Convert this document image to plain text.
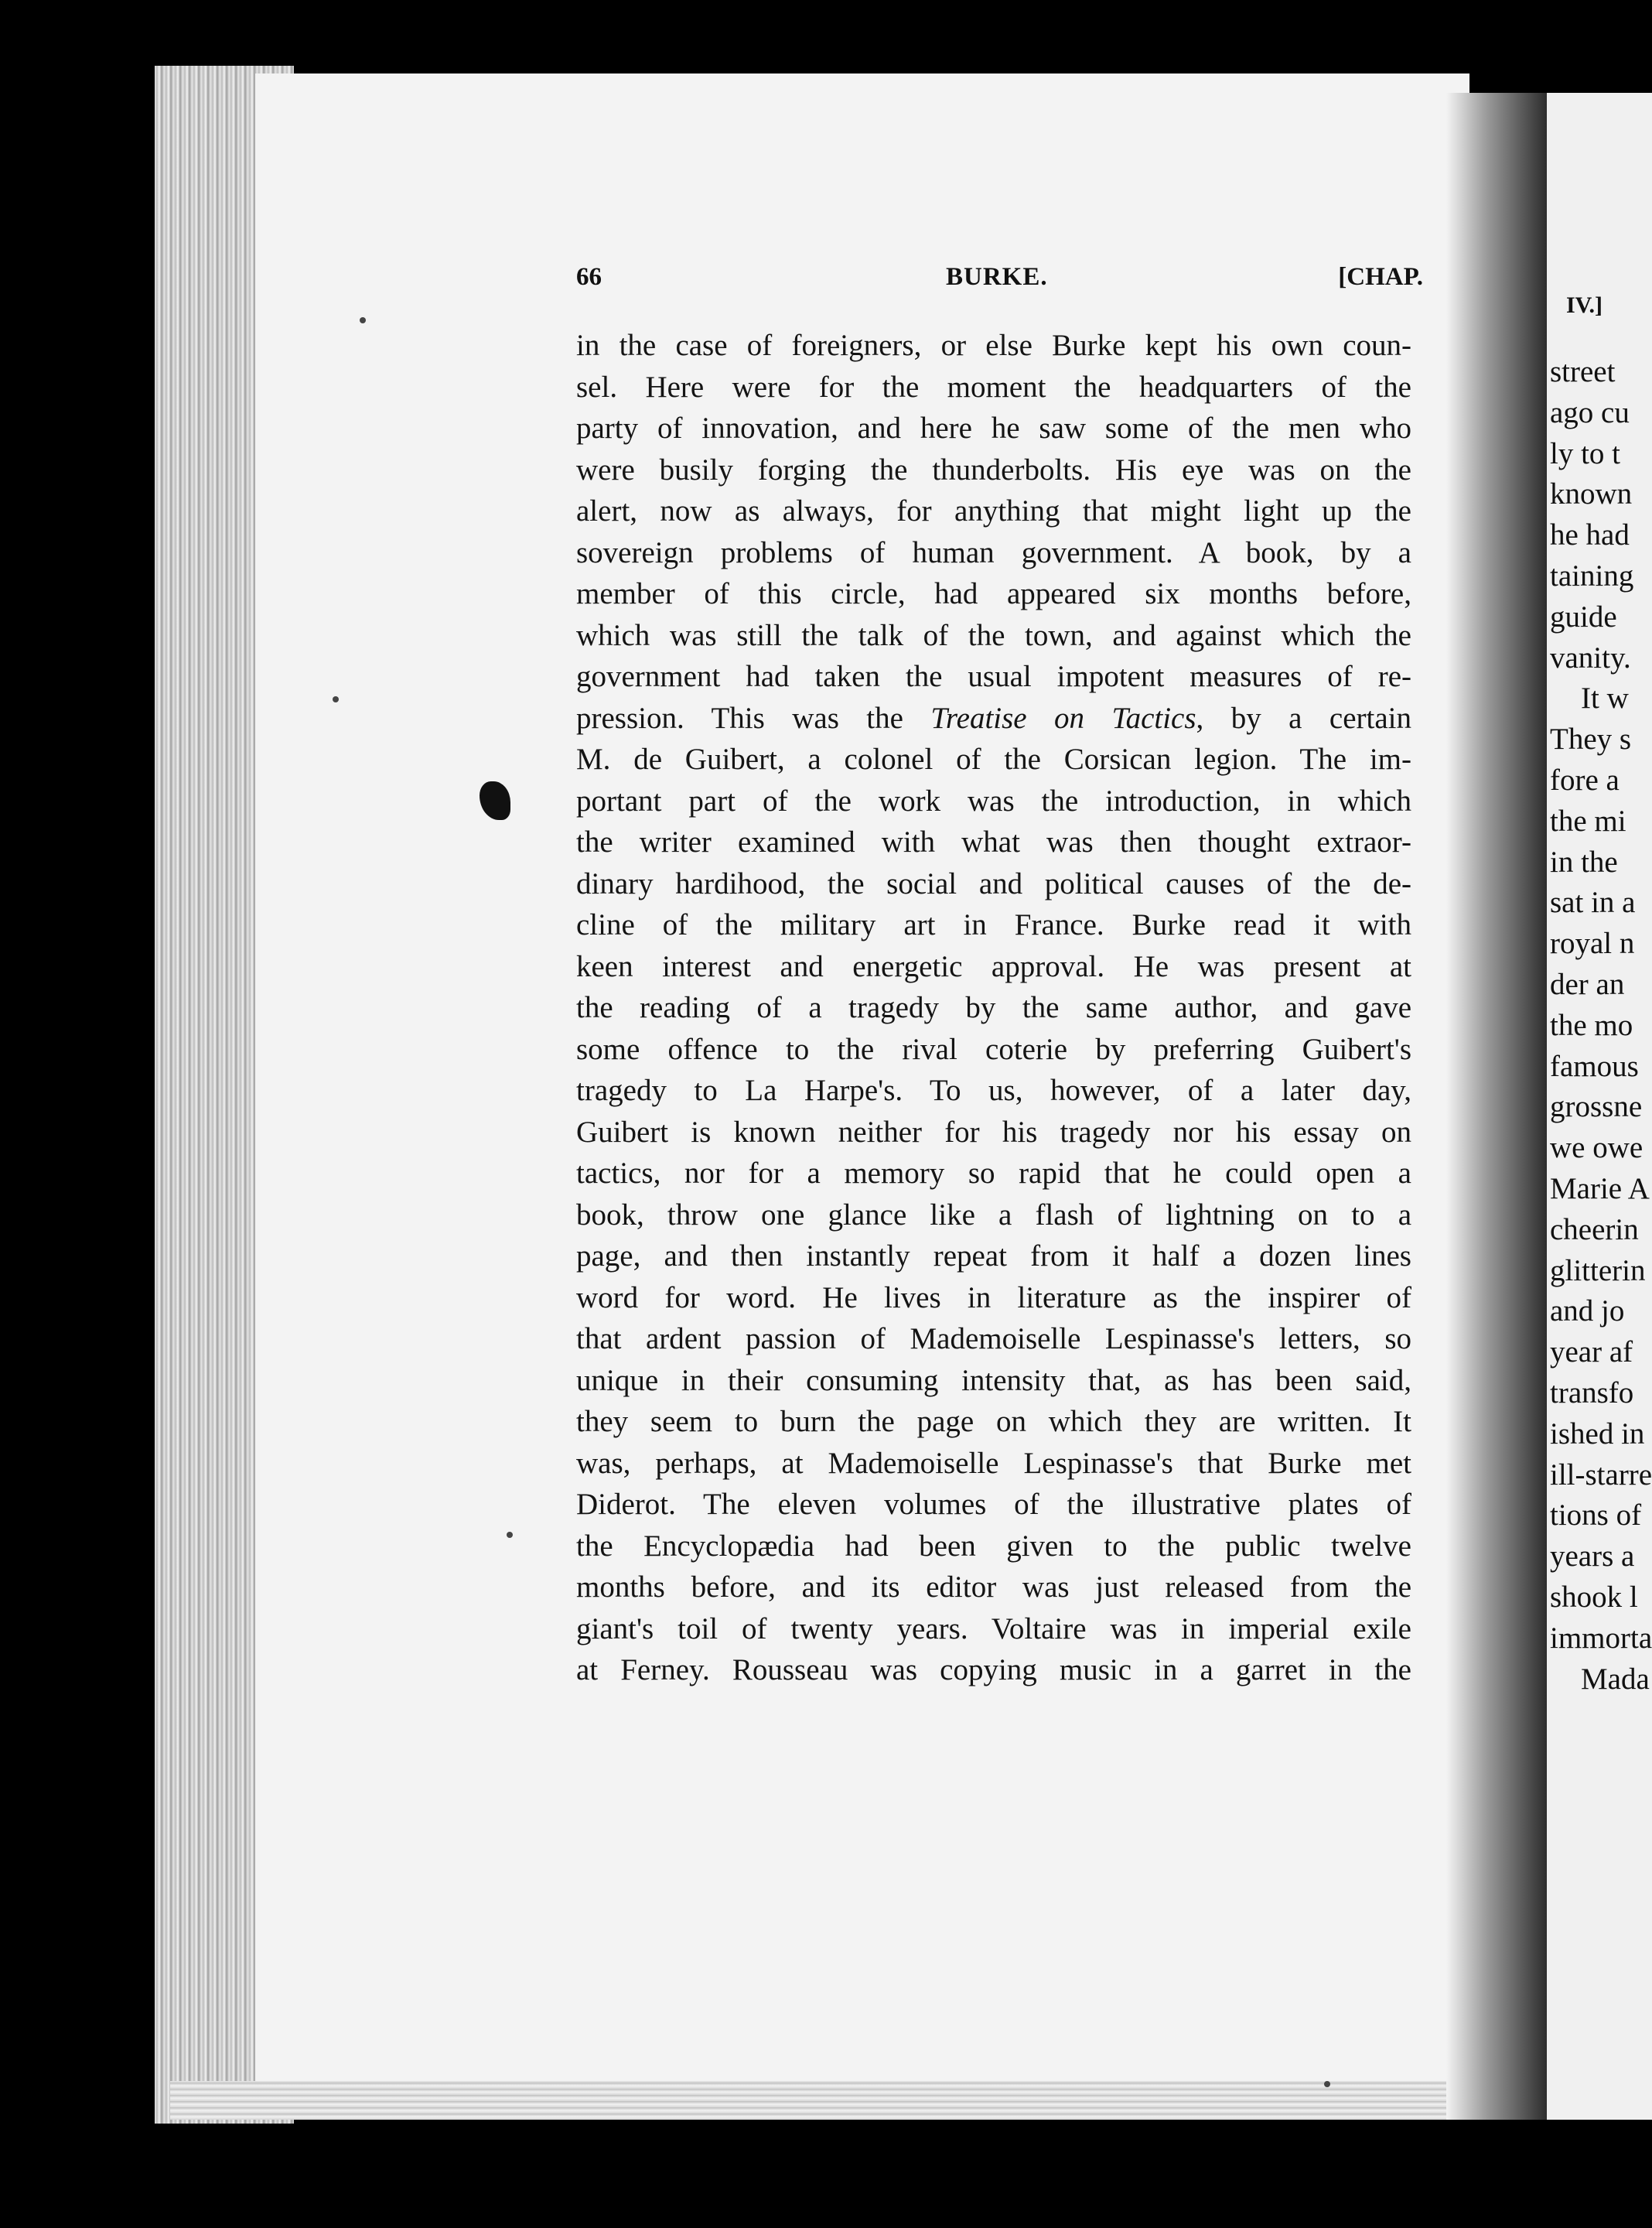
IV.]
street
ago cu
ly to t
known
he had
taining
guide
vanity.
It w
They s
fore a
the mi
in the
sat in a
royal n
der an
the mo
famous
grossne
we owe
Marie A
cheerin
glitterin
and jo
year af
transfo
ished in
ill-starre
tions of
years a
shook l
immorta
Mada
66	BURKE.	[CHAP.
in the case of foreigners, or else Burke kept his own coun-
sel. Here were for the moment the headquarters of the
party of innovation, and here he saw some of the men who
were busily forging the thunderbolts. His eye was on the
alert, now as always, for anything that might light up the
sovereign problems of human government. A book, by a
member of this circle, had appeared six months before,
which was still the talk of the town, and against which the
government had taken the usual impotent measures of re-
pression. This was the Treatise on Tactics, by a certain
M. de Guibert, a colonel of the Corsican legion. The im-
portant part of the work was the introduction, in which
the writer examined with what was then thought extraor-
dinary hardihood, the social and political causes of the de-
cline of the military art in France. Burke read it with
keen interest and energetic approval. He was present at
the reading of a tragedy by the same author, and gave
some offence to the rival coterie by preferring Guibert's
tragedy to La Harpe's. To us, however, of a later day,
Guibert is known neither for his tragedy nor his essay on
tactics, nor for a memory so rapid that he could open a
book, throw one glance like a flash of lightning on to a
page, and then instantly repeat from it half a dozen lines
word for word. He lives in literature as the inspirer of
that ardent passion of Mademoiselle Lespinasse's letters, so
unique in their consuming intensity that, as has been said,
they seem to burn the page on which they are written. It
was, perhaps, at Mademoiselle Lespinasse's that Burke met
Diderot. The eleven volumes of the illustrative plates of
the Encyclopædia had been given to the public twelve
months before, and its editor was just released from the
giant's toil of twenty years. Voltaire was in imperial exile
at Ferney. Rousseau was copying music in a garret in the
